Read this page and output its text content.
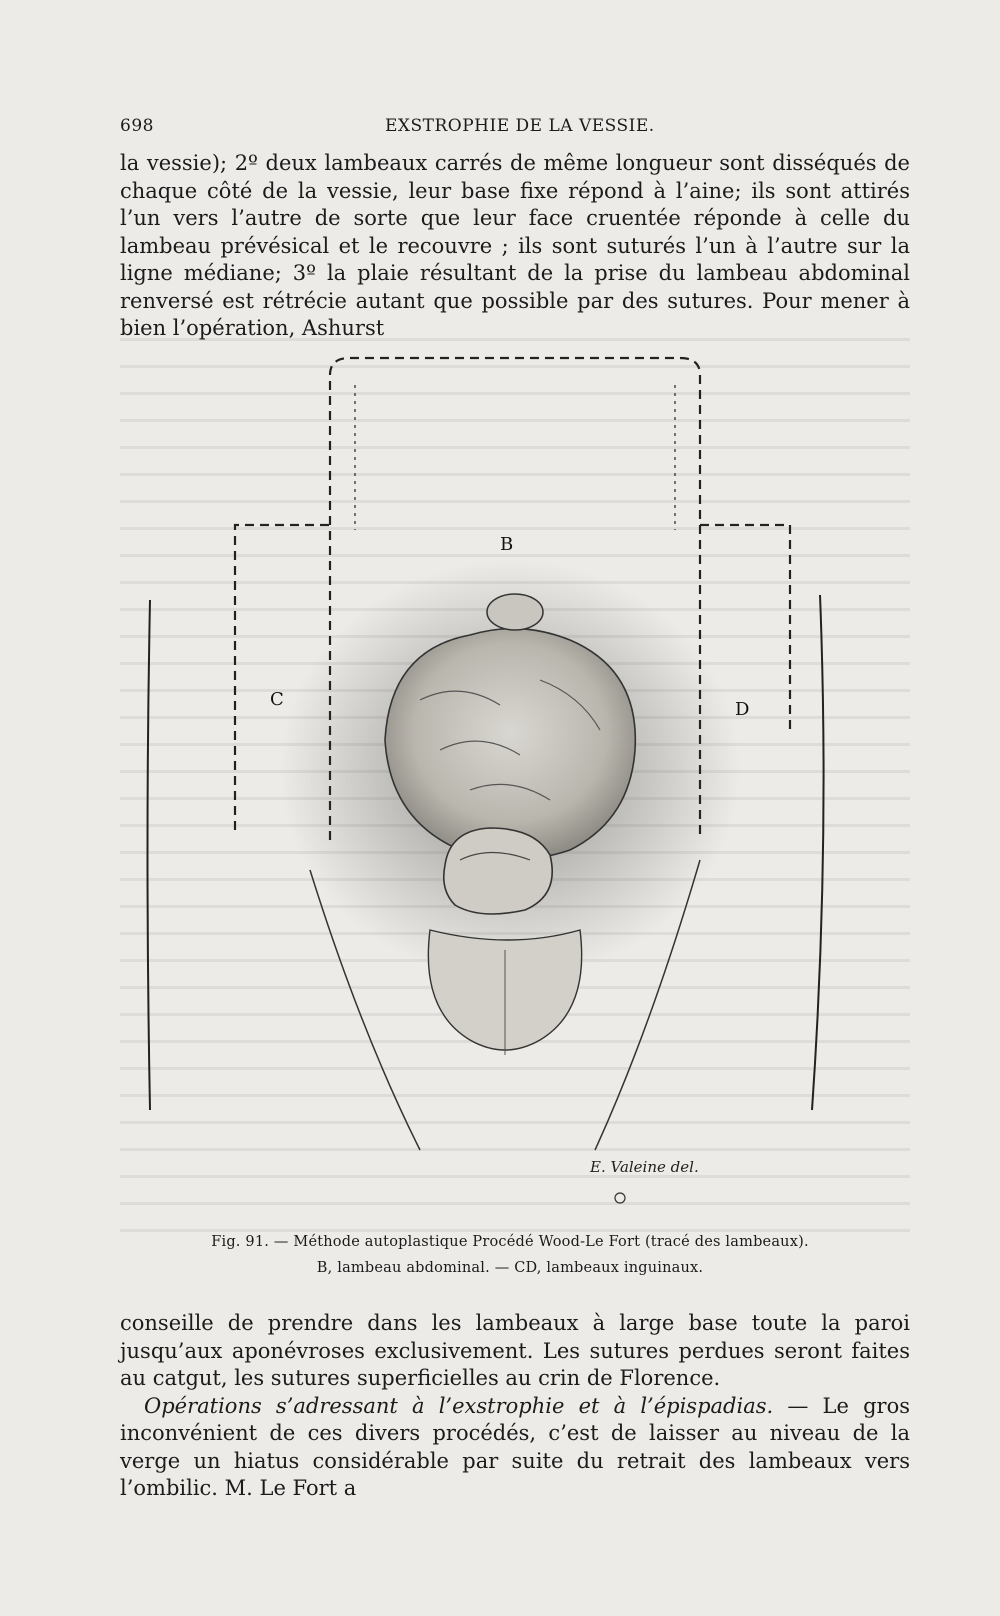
698	EXSTROPHIE DE LA VESSIE.

la vessie); 2º deux lambeaux carrés de même longueur sont disséqués de chaque côté de la vessie, leur base fixe répond à l’aine; ils sont attirés l’un vers l’autre de sorte que leur face cruentée réponde à celle du lambeau prévésical et le recouvre ; ils sont suturés l’un à l’autre sur la ligne médiane; 3º la plaie résultant de la prise du lambeau abdominal renversé est rétrécie autant que possible par des sutures. Pour mener à bien l’opération, Ashurst

E. Valeine del.
B
C	D
Fig. 91. — Méthode autoplastique Procédé Wood-Le Fort (tracé des lambeaux).
B, lambeau abdominal. — CD, lambeaux inguinaux.

conseille de prendre dans les lambeaux à large base toute la paroi jusqu’aux aponévroses exclusivement. Les sutures perdues seront faites au catgut, les sutures superficielles au crin de Florence.

Opérations s’adressant à l’exstrophie et à l’épispadias. — Le gros inconvénient de ces divers procédés, c’est de laisser au niveau de la verge un hiatus considérable par suite du retrait des lambeaux vers l’ombilic. M. Le Fort a
